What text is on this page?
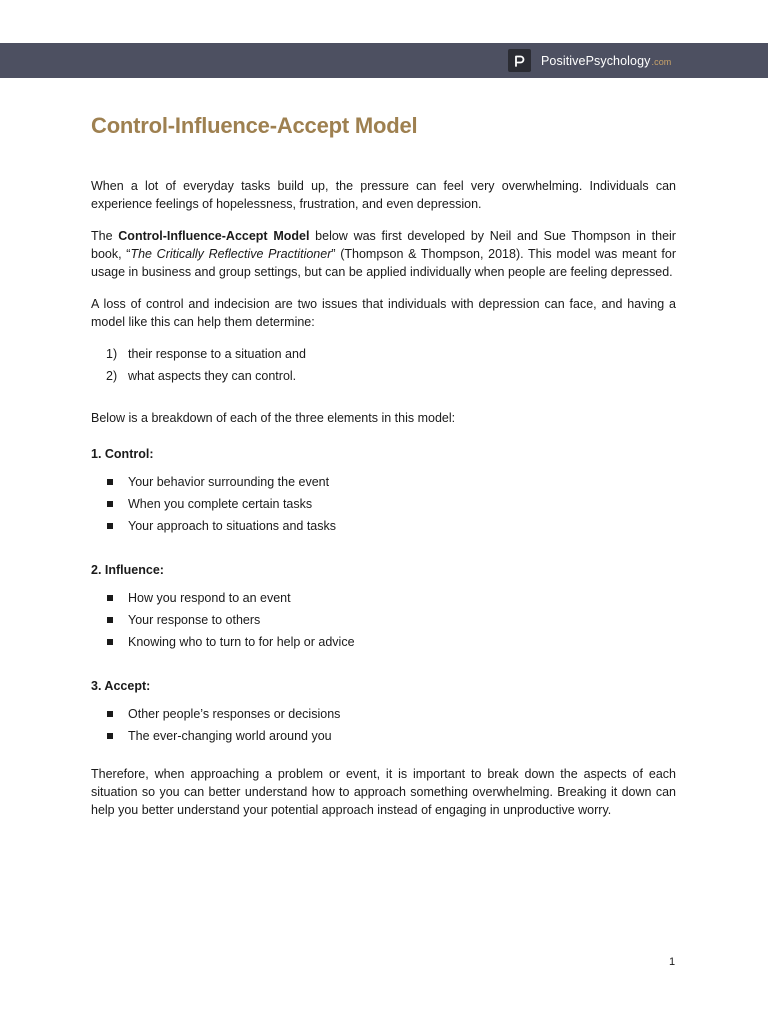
PositivePsychology.com
Control-Influence-Accept Model

When a lot of everyday tasks build up, the pressure can feel very overwhelming. Individuals can experience feelings of hopelessness, frustration, and even depression.

The Control-Influence-Accept Model below was first developed by Neil and Sue Thompson in their book, “The Critically Reflective Practitioner” (Thompson & Thompson, 2018). This model was meant for usage in business and group settings, but can be applied individually when people are feeling depressed.

A loss of control and indecision are two issues that individuals with depression can face, and having a model like this can help them determine:

1) their response to a situation and
2) what aspects they can control.

Below is a breakdown of each of the three elements in this model:

1. Control:
Your behavior surrounding the event
When you complete certain tasks
Your approach to situations and tasks
2. Influence:
How you respond to an event
Your response to others
Knowing who to turn to for help or advice
3. Accept:
Other people’s responses or decisions
The ever-changing world around you

Therefore, when approaching a problem or event, it is important to break down the aspects of each situation so you can better understand how to approach something overwhelming. Breaking it down can help you better understand your potential approach instead of engaging in unproductive worry.

1
